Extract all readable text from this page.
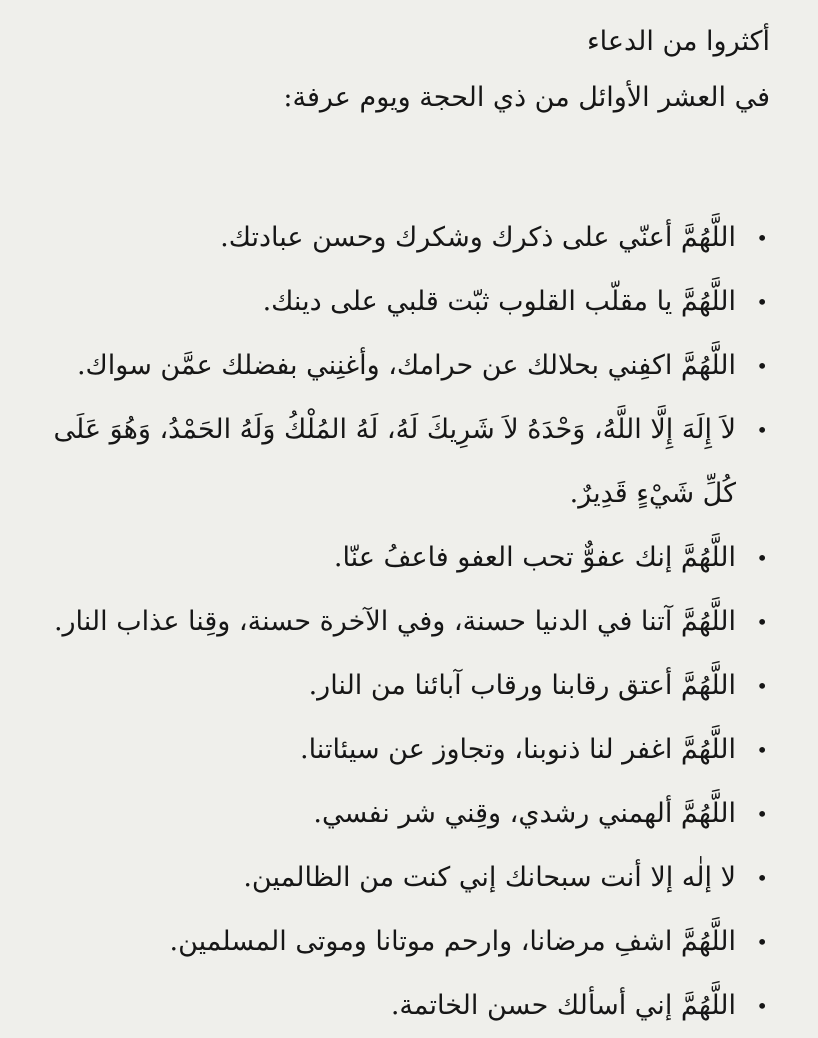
أكثروا من الدعاء

في العشر الأوائل من ذي الحجة ويوم عرفة:

•
اللَّهُمَّ أعنّي على ذكرك وشكرك وحسن عبادتك.
•
اللَّهُمَّ يا مقلّب القلوب ثبّت قلبي على دينك.
•
اللَّهُمَّ اكفِني بحلالك عن حرامك، وأغنِني بفضلك عمَّن سواك.
•
لاَ إِلَهَ إِلَّا اللَّهُ، وَحْدَهُ لاَ شَرِيكَ لَهُ، لَهُ المُلْكُ وَلَهُ الحَمْدُ، وَهُوَ عَلَى كُلِّ شَيْءٍ قَدِيرٌ.
•
اللَّهُمَّ إنك عفوٌّ تحب العفو فاعفُ عنّا.
•
اللَّهُمَّ آتنا في الدنيا حسنة، وفي الآخرة حسنة، وقِنا عذاب النار.
•
اللَّهُمَّ أعتق رقابنا ورقاب آبائنا من النار.
•
اللَّهُمَّ اغفر لنا ذنوبنا، وتجاوز عن سيئاتنا.
•
اللَّهُمَّ ألهمني رشدي، وقِني شر نفسي.
•
لا إلٰه إلا أنت سبحانك إني كنت من الظالمين.
•
اللَّهُمَّ اشفِ مرضانا، وارحم موتانا وموتى المسلمين.
•
اللَّهُمَّ إني أسألك حسن الخاتمة.
